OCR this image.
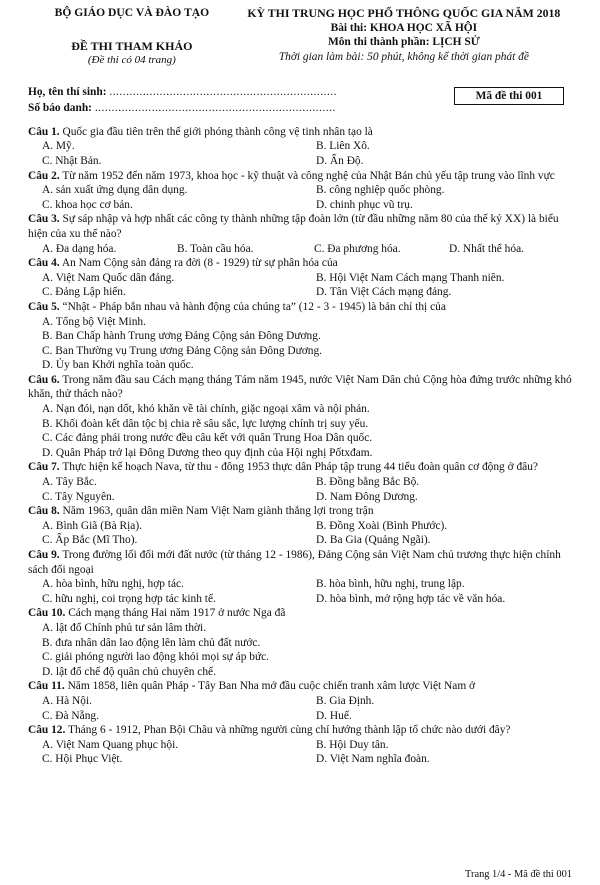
BỘ GIÁO DỤC VÀ ĐÀO TẠO
ĐỀ THI THAM KHẢO
(Đề thi có 04 trang)
KỲ THI TRUNG HỌC PHỔ THÔNG QUỐC GIA NĂM 2018
Bài thi: KHOA HỌC XÃ HỘI
Môn thi thành phần: LỊCH SỬ
Thời gian làm bài: 50 phút, không kể thời gian phát đề
Họ, tên thí sinh: ....................................................................
Số báo danh: ........................................................................
Mã đề thi 001
Câu 1. Quốc gia đầu tiên trên thế giới phóng thành công vệ tinh nhân tạo là
A. Mỹ.	B. Liên Xô.
C. Nhật Bản.	D. Ấn Độ.
Câu 2. Từ năm 1952 đến năm 1973, khoa học - kỹ thuật và công nghệ của Nhật Bản chủ yếu tập trung vào lĩnh vực
A. sản xuất ứng dụng dân dụng.	B. công nghiệp quốc phòng.
C. khoa học cơ bản.	D. chinh phục vũ trụ.
Câu 3. Sự sáp nhập và hợp nhất các công ty thành những tập đoàn lớn (từ đầu những năm 80 của thế kỷ XX) là biểu hiện của xu thế nào?
A. Đa dạng hóa.	B. Toàn cầu hóa.	C. Đa phương hóa.	D. Nhất thể hóa.
Câu 4. An Nam Cộng sản đảng ra đời (8 - 1929) từ sự phân hóa của
A. Việt Nam Quốc dân đảng.	B. Hội Việt Nam Cách mạng Thanh niên.
C. Đảng Lập hiến.	D. Tân Việt Cách mạng đảng.
Câu 5. “Nhật - Pháp bắn nhau và hành động của chúng ta” (12 - 3 - 1945) là bản chỉ thị của
A. Tổng bộ Việt Minh.
B. Ban Chấp hành Trung ương Đảng Cộng sản Đông Dương.
C. Ban Thường vụ Trung ương Đảng Cộng sản Đông Dương.
D. Ủy ban Khởi nghĩa toàn quốc.
Câu 6. Trong năm đầu sau Cách mạng tháng Tám năm 1945, nước Việt Nam Dân chủ Cộng hòa đứng trước những khó khăn, thử thách nào?
A. Nạn đói, nạn dốt, khó khăn về tài chính, giặc ngoại xâm và nội phản.
B. Khối đoàn kết dân tộc bị chia rẽ sâu sắc, lực lượng chính trị suy yếu.
C. Các đảng phái trong nước đều câu kết với quân Trung Hoa Dân quốc.
D. Quân Pháp trở lại Đông Dương theo quy định của Hội nghị Pốtxđam.
Câu 7. Thực hiện kế hoạch Nava, từ thu - đông 1953 thực dân Pháp tập trung 44 tiểu đoàn quân cơ động ở đâu?
A. Tây Bắc.	B. Đồng bằng Bắc Bộ.
C. Tây Nguyên.	D. Nam Đông Dương.
Câu 8. Năm 1963, quân dân miền Nam Việt Nam giành thắng lợi trong trận
A. Bình Giã (Bà Rịa).	B. Đồng Xoài (Bình Phước).
C. Ấp Bắc (Mĩ Tho).	D. Ba Gia (Quảng Ngãi).
Câu 9. Trong đường lối đổi mới đất nước (từ tháng 12 - 1986), Đảng Cộng sản Việt Nam chủ trương thực hiện chính sách đối ngoại
A. hòa bình, hữu nghị, hợp tác.	B. hòa bình, hữu nghị, trung lập.
C. hữu nghị, coi trọng hợp tác kinh tế.	D. hòa bình, mở rộng hợp tác về văn hóa.
Câu 10. Cách mạng tháng Hai năm 1917 ở nước Nga đã
A. lật đổ Chính phủ tư sản lâm thời.
B. đưa nhân dân lao động lên làm chủ đất nước.
C. giải phóng người lao động khỏi mọi sự áp bức.
D. lật đổ chế độ quân chủ chuyên chế.
Câu 11. Năm 1858, liên quân Pháp - Tây Ban Nha mở đầu cuộc chiến tranh xâm lược Việt Nam ở
A. Hà Nội.	B. Gia Định.
C. Đà Nẵng.	D. Huế.
Câu 12. Tháng 6 - 1912, Phan Bội Châu và những người cùng chí hướng thành lập tổ chức nào dưới đây?
A. Việt Nam Quang phục hội.	B. Hội Duy tân.
C. Hội Phục Việt.	D. Việt Nam nghĩa đoàn.
Trang 1/4 - Mã đề thi 001
